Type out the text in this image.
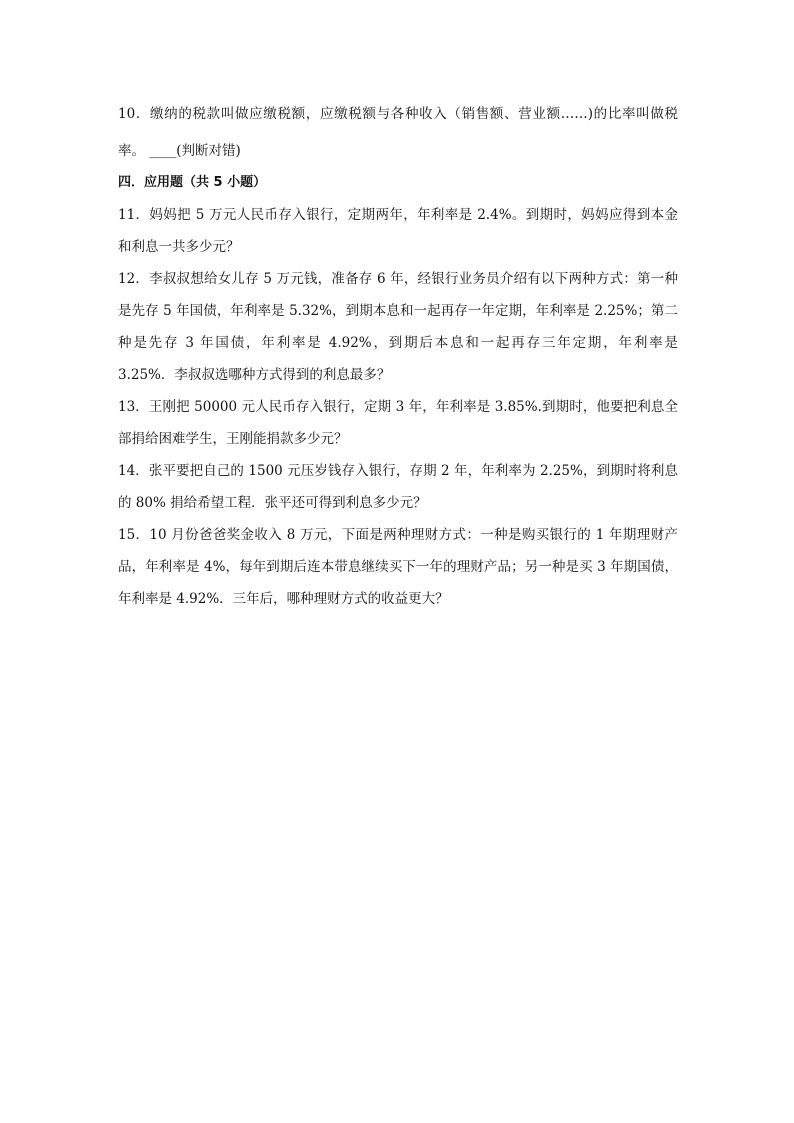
10．缴纳的税款叫做应缴税额，应缴税额与各种收入（销售额、营业额……)的比率叫做税
率。 ____(判断对错)
四．应用题（共 5 小题）
11．妈妈把 5 万元人民币存入银行，定期两年，年利率是 2.4%。到期时，妈妈应得到本金
和利息一共多少元？
12．李叔叔想给女儿存 5 万元钱，准备存 6 年，经银行业务员介绍有以下两种方式：第一种
是先存 5 年国债，年利率是 5.32%，到期本息和一起再存一年定期，年利率是 2.25%；第二
种是先存 3 年国债，年利率是 4.92%，到期后本息和一起再存三年定期，年利率是
3.25%．李叔叔选哪种方式得到的利息最多？
13．王刚把 50000 元人民币存入银行，定期 3 年，年利率是 3.85%.到期时，他要把利息全
部捐给困难学生，王刚能捐款多少元？
14．张平要把自己的 1500 元压岁钱存入银行，存期 2 年，年利率为 2.25%，到期时将利息
的 80% 捐给希望工程．张平还可得到利息多少元？
15．10 月份爸爸奖金收入 8 万元，下面是两种理财方式：一种是购买银行的 1 年期理财产
品，年利率是 4%，每年到期后连本带息继续买下一年的理财产品；另一种是买 3 年期国债，
年利率是 4.92%．三年后，哪种理财方式的收益更大？
